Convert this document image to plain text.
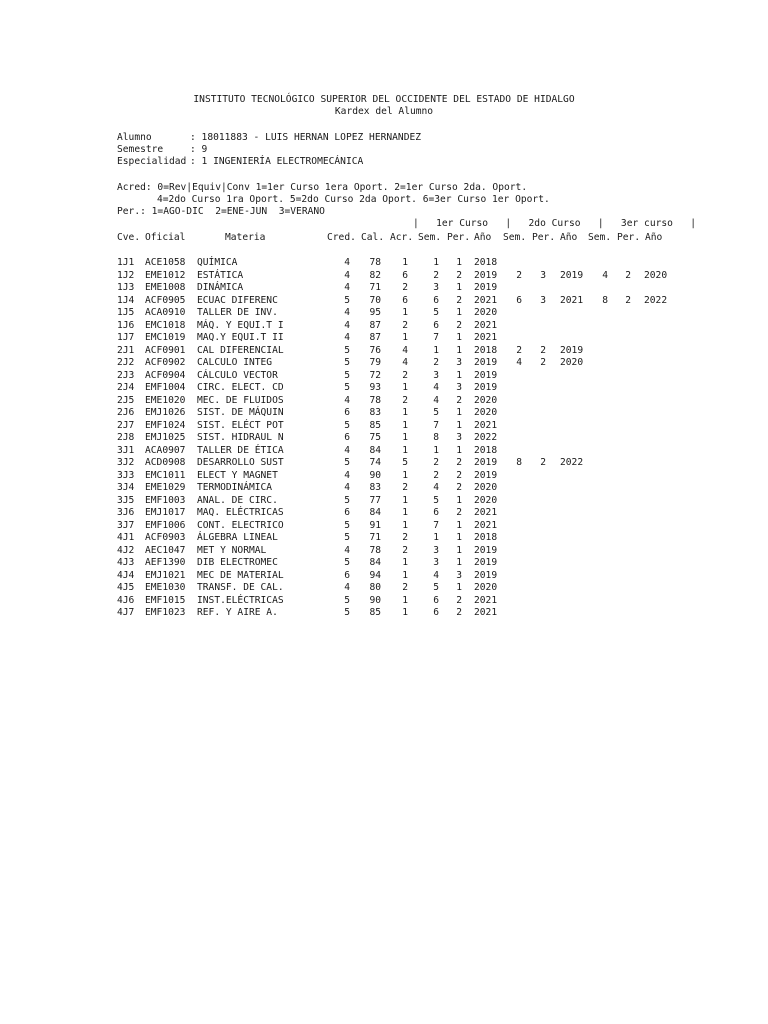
INSTITUTO TECNOLÓGICO SUPERIOR DEL OCCIDENTE DEL ESTADO DE HIDALGO
Kardex del Alumno
Alumno	: 18011883 - LUIS HERNAN LOPEZ HERNANDEZ
Semestre	: 9
Especialidad : 1 INGENIERÍA ELECTROMECÁNICA
Acred: 0=Rev|Equiv|Conv 1=1er Curso 1era Oport. 2=1er Curso 2da. Oport.
4=2do Curso 1ra Oport. 5=2do Curso 2da Oport. 6=3er Curso 1er Oport.
Per.: 1=AGO-DIC  2=ENE-JUN  3=VERANO
|   1er Curso   |   2do Curso   |   3er curso   |
Cve. Oficial	Materia	Cred. Cal. Acr. Sem. Per. Año Sem. Per. Año Sem. Per. Año
1J1	ACE1058	QUÍMICA	4	78	1	1	1 2018
1J2	EME1012	ESTÁTICA	4	82	6	2	2 2019	2	3 2019	4	2 2020
1J3	EME1008	DINÁMICA	4	71	2	3	1 2019
1J4	ACF0905	ECUAC DIFERENC	5	70	6	6	2 2021	6	3 2021	8	2 2022
1J5	ACA0910	TALLER DE INV.	4	95	1	5	1 2020
1J6	EMC1018	MÁQ. Y EQUI.T I	4	87	2	6	2 2021
1J7	EMC1019	MAQ.Y EQUI.T II	4	87	1	7	1 2021
2J1	ACF0901	CAL DIFERENCIAL	5	76	4	1	1 2018	2	2 2019
2J2	ACF0902	CALCULO INTEG	5	79	4	2	3 2019	4	2 2020
2J3	ACF0904	CÁLCULO VECTOR	5	72	2	3	1 2019
2J4	EMF1004	CIRC. ELECT. CD	5	93	1	4	3 2019
2J5	EME1020	MEC. DE FLUIDOS	4	78	2	4	2 2020
2J6	EMJ1026	SIST. DE MÁQUIN	6	83	1	5	1 2020
2J7	EMF1024	SIST. ELÉCT POT	5	85	1	7	1 2021
2J8	EMJ1025	SIST. HIDRAUL N	6	75	1	8	3 2022
3J1	ACA0907	TALLER DE ÉTICA	4	84	1	1	1 2018
3J2	ACD0908	DESARROLLO SUST	5	74	5	2	2 2019	8	2 2022
3J3	EMC1011	ELECT Y MAGNET	4	90	1	2	2 2019
3J4	EME1029	TERMODINÁMICA	4	83	2	4	2 2020
3J5	EMF1003	ANAL. DE CIRC.	5	77	1	5	1 2020
3J6	EMJ1017	MAQ. ELÉCTRICAS	6	84	1	6	2 2021
3J7	EMF1006	CONT. ELECTRICO	5	91	1	7	1 2021
4J1	ACF0903	ÁLGEBRA LINEAL	5	71	2	1	1 2018
4J2	AEC1047	MET Y NORMAL	4	78	2	3	1 2019
4J3	AEF1390	DIB ELECTROMEC	5	84	1	3	1 2019
4J4	EMJ1021	MEC DE MATERIAL	6	94	1	4	3 2019
4J5	EME1030	TRANSF. DE CAL.	4	80	2	5	1 2020
4J6	EMF1015	INST.ELÉCTRICAS	5	90	1	6	2 2021
4J7	EMF1023	REF. Y AIRE A.	5	85	1	6	2 2021
